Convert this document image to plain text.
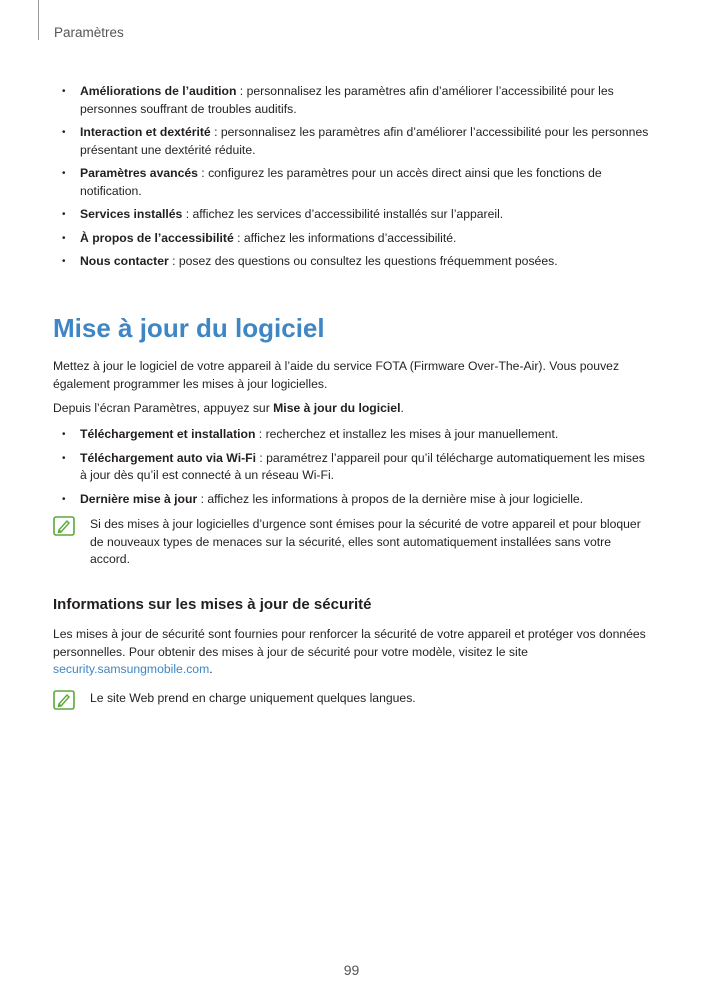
Paramètres
• Améliorations de l’audition : personnalisez les paramètres afin d’améliorer l’accessibilité pour les personnes souffrant de troubles auditifs.
• Interaction et dextérité : personnalisez les paramètres afin d’améliorer l’accessibilité pour les personnes présentant une dextérité réduite.
• Paramètres avancés : configurez les paramètres pour un accès direct ainsi que les fonctions de notification.
• Services installés : affichez les services d’accessibilité installés sur l’appareil.
• À propos de l’accessibilité : affichez les informations d’accessibilité.
• Nous contacter : posez des questions ou consultez les questions fréquemment posées.
Mise à jour du logiciel

Mettez à jour le logiciel de votre appareil à l’aide du service FOTA (Firmware Over-The-Air). Vous pouvez également programmer les mises à jour logicielles.

Depuis l’écran Paramètres, appuyez sur Mise à jour du logiciel.

• Téléchargement et installation : recherchez et installez les mises à jour manuellement.
• Téléchargement auto via Wi-Fi : paramétrez l’appareil pour qu’il télécharge automatiquement les mises à jour dès qu’il est connecté à un réseau Wi-Fi.
• Dernière mise à jour : affichez les informations à propos de la dernière mise à jour logicielle.
Si des mises à jour logicielles d’urgence sont émises pour la sécurité de votre appareil et pour bloquer de nouveaux types de menaces sur la sécurité, elles sont automatiquement installées sans votre accord.
Informations sur les mises à jour de sécurité

Les mises à jour de sécurité sont fournies pour renforcer la sécurité de votre appareil et protéger vos données personnelles. Pour obtenir des mises à jour de sécurité pour votre modèle, visitez le site security.samsungmobile.com.

Le site Web prend en charge uniquement quelques langues.
99
